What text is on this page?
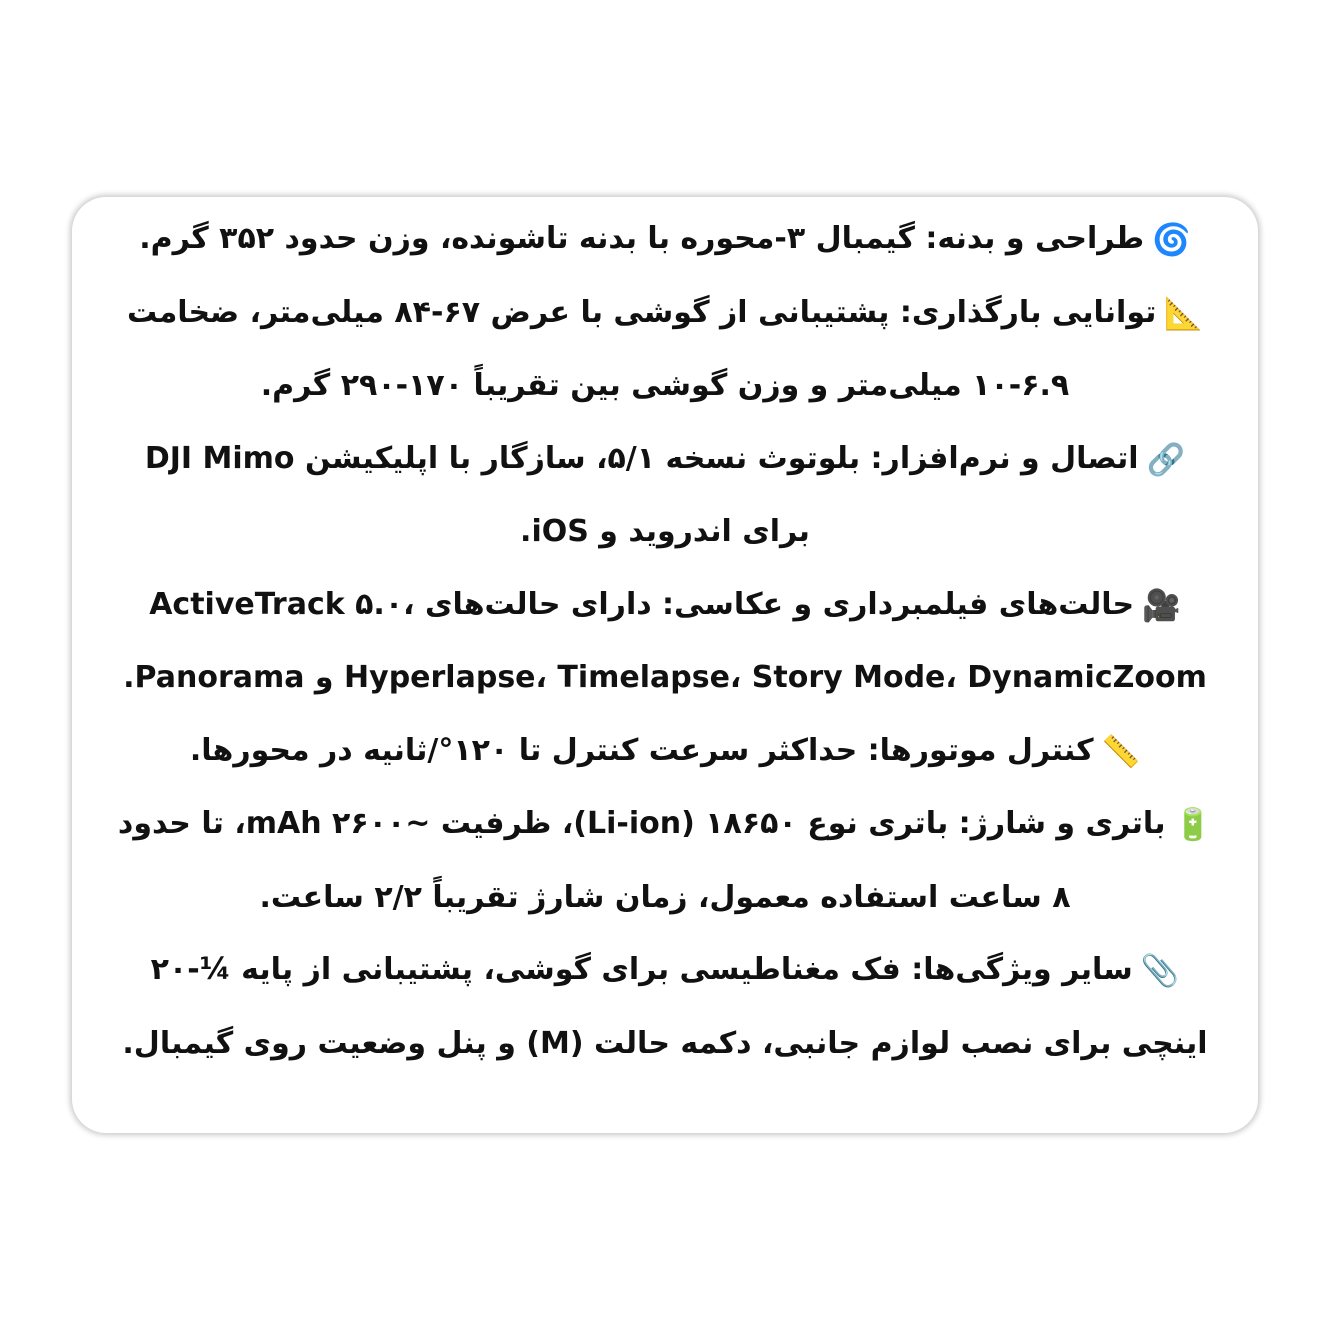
🌀طراحی و بدنه: گیمبال ۳-محوره با بدنه تاشونده، وزن حدود ۳۵۲ گرم.

📐توانایی بارگذاری: پشتیبانی از گوشی با عرض ۶۷-۸۴ میلی‌متر، ضخامت ۶.۹-۱۰ میلی‌متر و وزن گوشی بین تقریباً ۱۷۰-۲۹۰ گرم.

🔗اتصال و نرم‌افزار: بلوتوث نسخه ۵/۱، سازگار با اپلیکیشن DJI Mimo برای اندروید و iOS.

🎥حالت‌های فیلمبرداری و عکاسی: دارای حالت‌های ActiveTrack ۵.۰، Hyperlapse، Timelapse، Story Mode، DynamicZoom و Panorama.

📏کنترل موتورها: حداکثر سرعت کنترل تا ۱۲۰°/ثانیه در محورها.

🔋باتری و شارژ: باتری نوع ۱۸۶۵۰ (Li-ion)، ظرفیت ~۲۶۰۰ mAh، تا حدود ۸ ساعت استفاده معمول، زمان شارژ تقریباً ۲/۲ ساعت.

📎سایر ویژگی‌ها: فک مغناطیسی برای گوشی، پشتیبانی از پایه ¼-۲۰ اینچی برای نصب لوازم جانبی، دکمه حالت (M) و پنل وضعیت روی گیمبال.
